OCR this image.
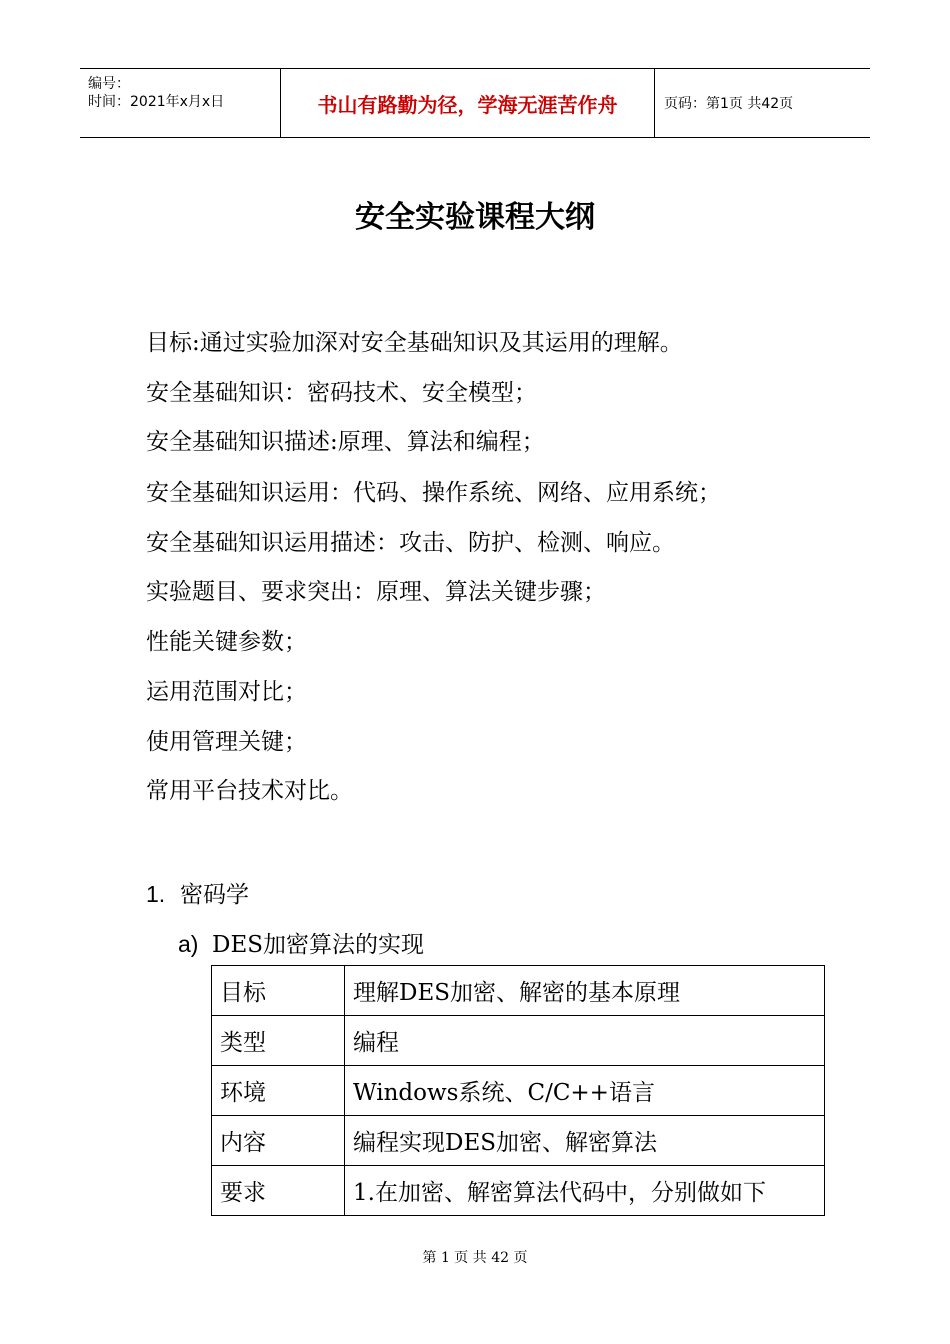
编号：
时间：2021年x月x日	书山有路勤为径，学海无涯苦作舟	页码：第1页 共42页
安全实验课程大纲
目标:通过实验加深对安全基础知识及其运用的理解。
安全基础知识：密码技术、安全模型；
安全基础知识描述:原理、算法和编程；
安全基础知识运用：代码、操作系统、网络、应用系统；
安全基础知识运用描述：攻击、防护、检测、响应。
实验题目、要求突出：原理、算法关键步骤；
性能关键参数；
运用范围对比；
使用管理关键；
常用平台技术对比。
1. 密码学
a) DES加密算法的实现
目标	理解DES加密、解密的基本原理
类型	编程
环境	Windows系统、C/C++语言
内容	编程实现DES加密、解密算法
要求	1.在加密、解密算法代码中，分别做如下
第 1 页 共 42 页
